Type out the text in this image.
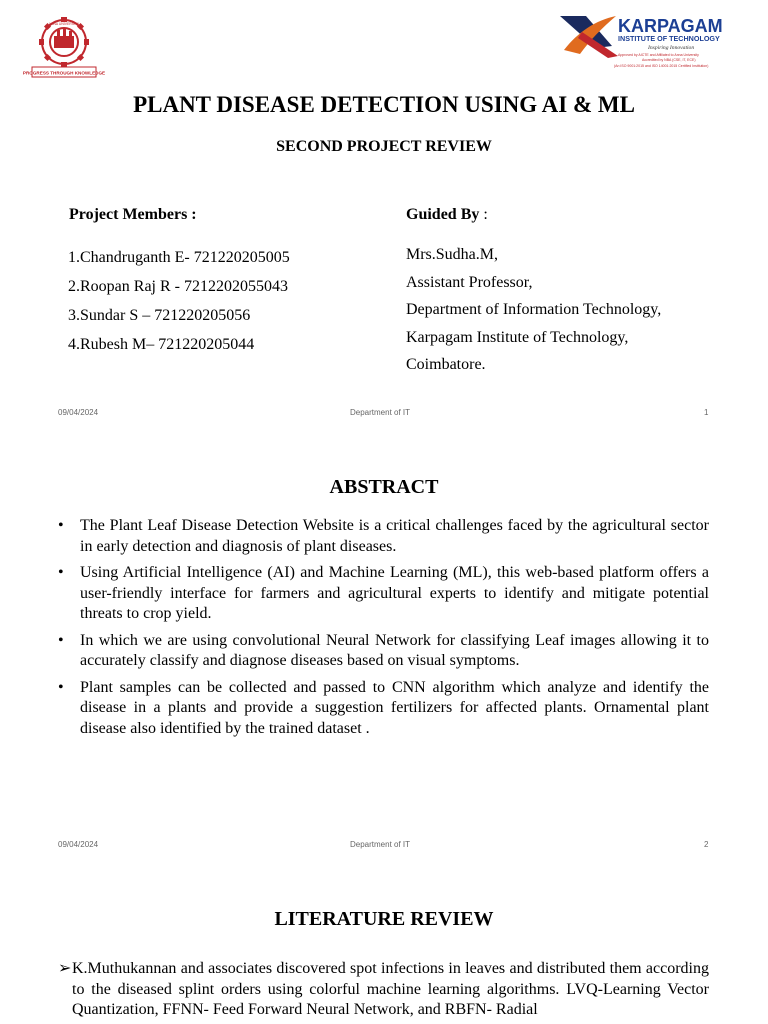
PROGRESS THROUGH KNOWLEDGE
ANNA UNIVERSITY	KARPAGAM
INSTITUTE OF TECHNOLOGY
Inspiring Innovation
Approved by AICTE and Affiliated to Anna University
Accredited by NBA (CSE, IT, ECE)
(An ISO 9001:2015 and ISO 14001:2015 Certified Institution)
PLANT DISEASE DETECTION USING AI & ML
SECOND PROJECT REVIEW
Project Members :
1.Chandruganth E- 721220205005
2.Roopan Raj R - 7212202055043
3.Sundar S – 721220205056
4.Rubesh M– 721220205044
Guided By :
Mrs.Sudha.M,
Assistant Professor,
Department of Information Technology,
Karpagam Institute of Technology,
Coimbatore.
09/04/2024	Department of IT	1
ABSTRACT
• The Plant Leaf Disease Detection Website is a critical challenges faced by the agricultural sector in early detection and diagnosis of plant diseases.
• Using Artificial Intelligence (AI) and Machine Learning (ML), this web-based platform offers a user-friendly interface for farmers and agricultural experts to identify and mitigate potential threats to crop yield.
• In which we are using convolutional Neural Network for classifying Leaf images allowing it to accurately classify and diagnose diseases based on visual symptoms.
• Plant samples can be collected and passed to CNN algorithm which analyze and identify the disease in a plants and provide a suggestion fertilizers for affected plants. Ornamental plant disease also identified by the trained dataset .
09/04/2024	Department of IT	2
LITERATURE REVIEW
➢ K.Muthukannan and associates discovered spot infections in leaves and distributed them according to the diseased splint orders using colorful machine learning algorithms. LVQ-Learning Vector Quantization, FFNN- Feed Forward Neural Network, and RBFN- Radial
